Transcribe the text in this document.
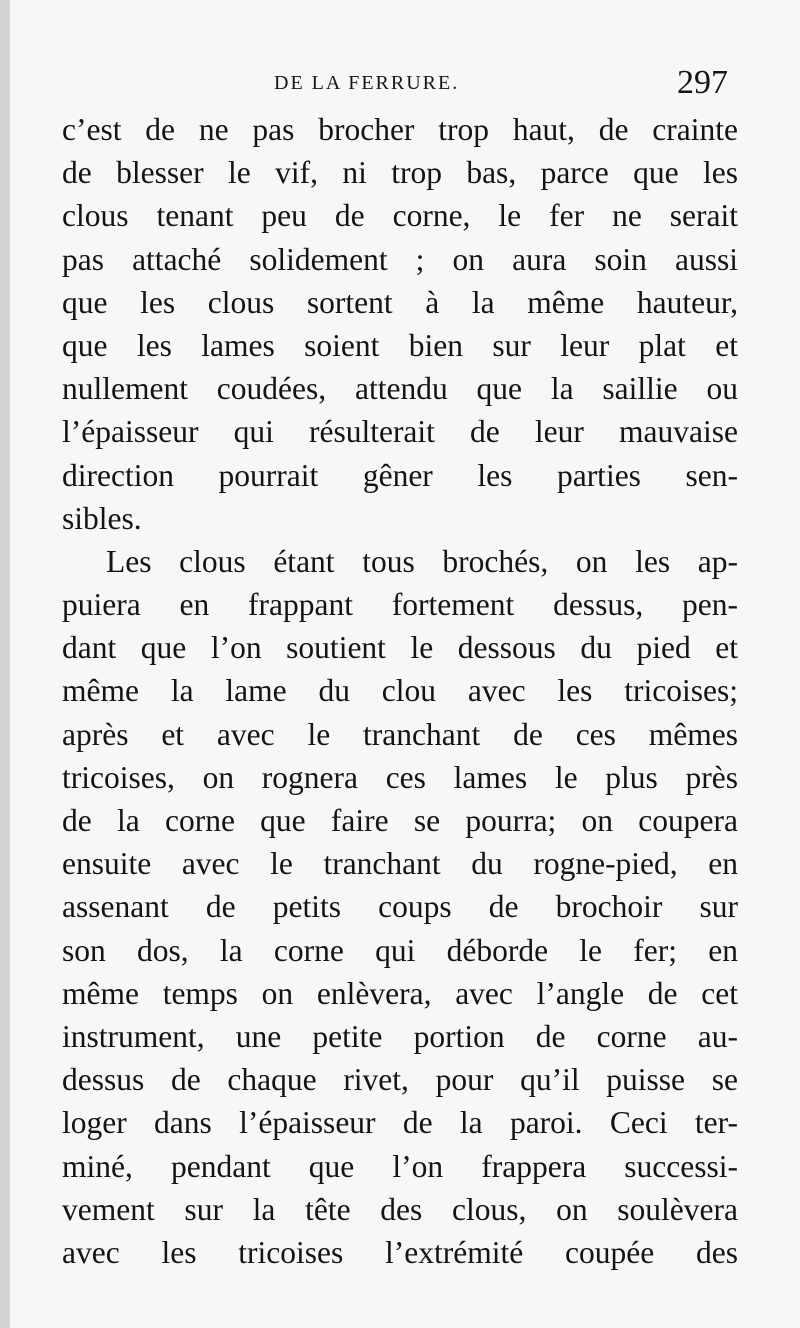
DE LA FERRURE.	297
c’est de ne pas brocher trop haut, de crainte
de blesser le vif, ni trop bas, parce que les
clous tenant peu de corne, le fer ne serait
pas attaché solidement ; on aura soin aussi
que les clous sortent à la même hauteur,
que les lames soient bien sur leur plat et
nullement coudées, attendu que la saillie ou
l’épaisseur qui résulterait de leur mauvaise
direction pourrait gêner les parties sen-
sibles.
Les clous étant tous brochés, on les ap-
puiera en frappant fortement dessus, pen-
dant que l’on soutient le dessous du pied et
même la lame du clou avec les tricoises;
après et avec le tranchant de ces mêmes
tricoises, on rognera ces lames le plus près
de la corne que faire se pourra; on coupera
ensuite avec le tranchant du rogne-pied, en
assenant de petits coups de brochoir sur
son dos, la corne qui déborde le fer; en
même temps on enlèvera, avec l’angle de cet
instrument, une petite portion de corne au-
dessus de chaque rivet, pour qu’il puisse se
loger dans l’épaisseur de la paroi. Ceci ter-
miné, pendant que l’on frappera successi-
vement sur la tête des clous, on soulèvera
avec les tricoises l’extrémité coupée des
